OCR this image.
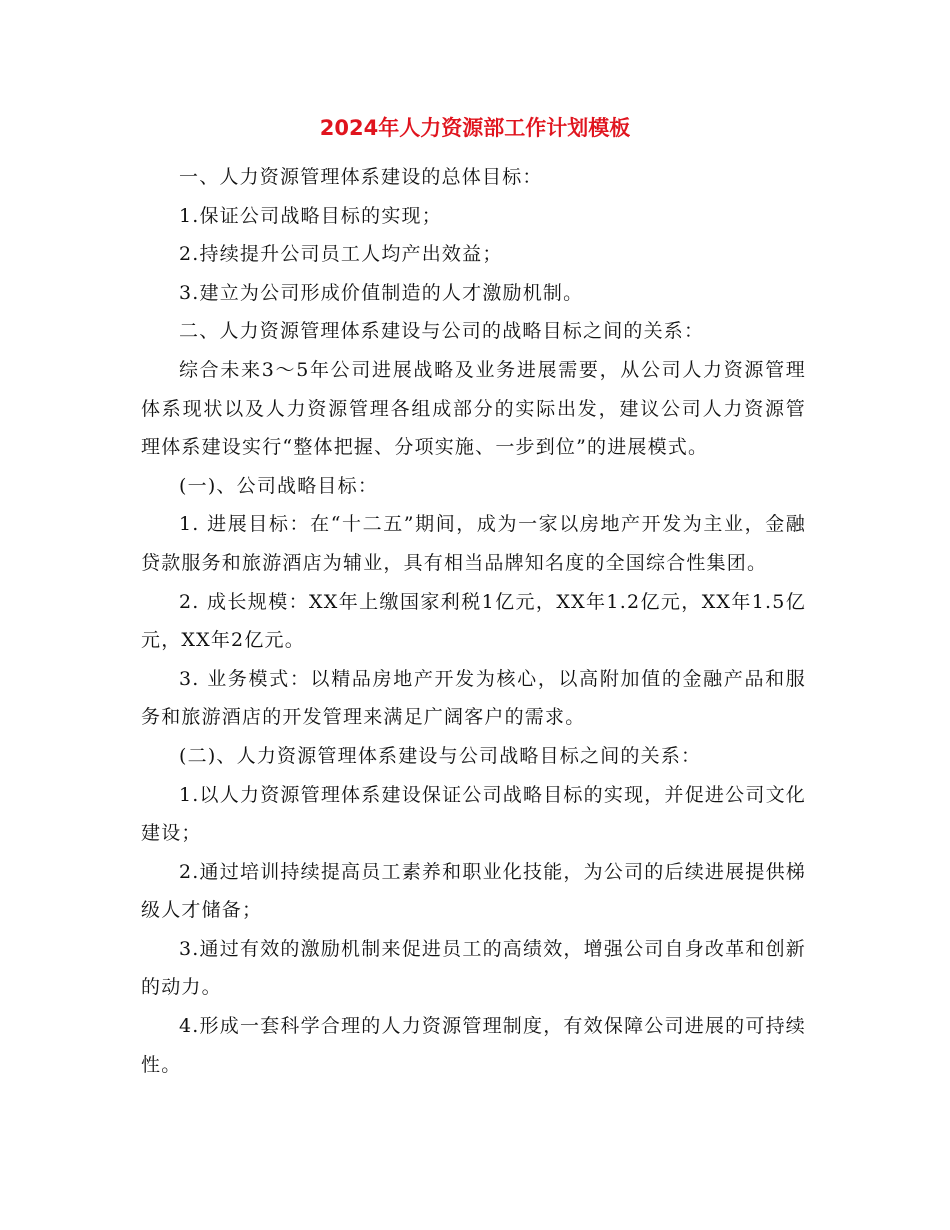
2024年人力资源部工作计划模板

一、人力资源管理体系建设的总体目标：

1.保证公司战略目标的实现；

2.持续提升公司员工人均产出效益；

3.建立为公司形成价值制造的人才激励机制。

二、人力资源管理体系建设与公司的战略目标之间的关系：

综合未来3～5年公司进展战略及业务进展需要，从公司人力资源管理体系现状以及人力资源管理各组成部分的实际出发，建议公司人力资源管理体系建设实行“整体把握、分项实施、一步到位”的进展模式。

(一)、公司战略目标：

1. 进展目标：在“十二五”期间，成为一家以房地产开发为主业，金融贷款服务和旅游酒店为辅业，具有相当品牌知名度的全国综合性集团。

2. 成长规模：XX年上缴国家利税1亿元，XX年1.2亿元，XX年1.5亿元，XX年2亿元。

3. 业务模式：以精品房地产开发为核心，以高附加值的金融产品和服务和旅游酒店的开发管理来满足广阔客户的需求。

(二)、人力资源管理体系建设与公司战略目标之间的关系：

1.以人力资源管理体系建设保证公司战略目标的实现，并促进公司文化建设；

2.通过培训持续提高员工素养和职业化技能，为公司的后续进展提供梯级人才储备；

3.通过有效的激励机制来促进员工的高绩效，增强公司自身改革和创新的动力。

4.形成一套科学合理的人力资源管理制度，有效保障公司进展的可持续性。
